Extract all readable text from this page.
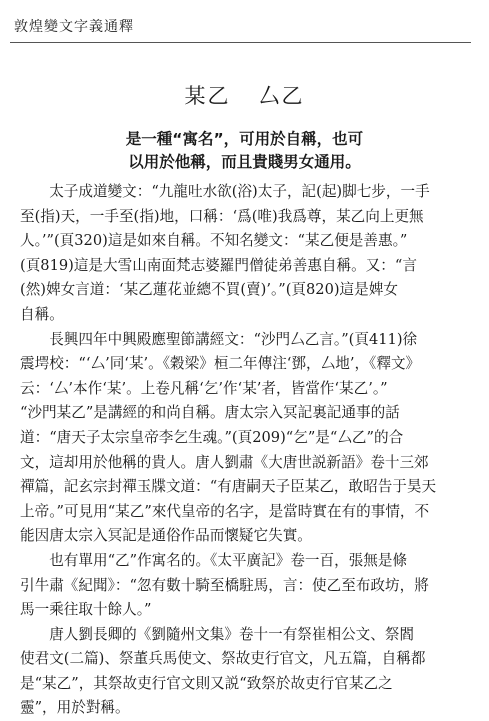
敦煌變文字義通釋
某乙 厶乙
是一種“寓名”，可用於自稱，也可
以用於他稱，而且貴賤男女通用。

太子成道變文：“九龍吐水欲(浴)太子，記(起)脚七步，一手
至(指)天，一手至(指)地，口稱：‘爲(唯)我爲尊，某乙向上更無
人。’”(頁320)這是如來自稱。不知名變文：“某乙便是善惠。”
(頁819)這是大雪山南面梵志婆羅門僧徒弟善惠自稱。又：“言
(然)婢女言道：‘某乙蓮花並總不買(賣)’。”(頁820)這是婢女
自稱。

長興四年中興殿應聖節講經文：“沙門厶乙言。”(頁411)徐
震堮校：“‘厶’同‘某’。《穀梁》桓二年傳注‘鄧，厶地’，《釋文》
云：‘厶’本作‘某’。上卷凡稱‘乞’作‘某’者，皆當作‘某乙’。”
“沙門某乙”是講經的和尚自稱。唐太宗入冥記裏記通事的話
道：“唐天子太宗皇帝李乞生魂。”(頁209)“乞”是“厶乙”的合
文，這却用於他稱的貴人。唐人劉肅《大唐世説新語》卷十三郊
禪篇，記玄宗封禪玉牒文道：“有唐嗣天子臣某乙，敢昭告于昊天
上帝。”可見用“某乙”來代皇帝的名字，是當時實在有的事情，不
能因唐太宗入冥記是通俗作品而懷疑它失實。

也有單用“乙”作寓名的。《太平廣記》卷一百，張無是條
引牛肅《紀聞》：“忽有數十騎至橋駐馬，言：使乙至布政坊，將
馬一乘往取十餘人。”

唐人劉長卿的《劉隨州文集》卷十一有祭崔相公文、祭閻
使君文(二篇)、祭董兵馬使文、祭故吏行官文，凡五篇，自稱都
是“某乙”，其祭故吏行官文則又説“致祭於故吏行官某乙之
靈”，用於對稱。
